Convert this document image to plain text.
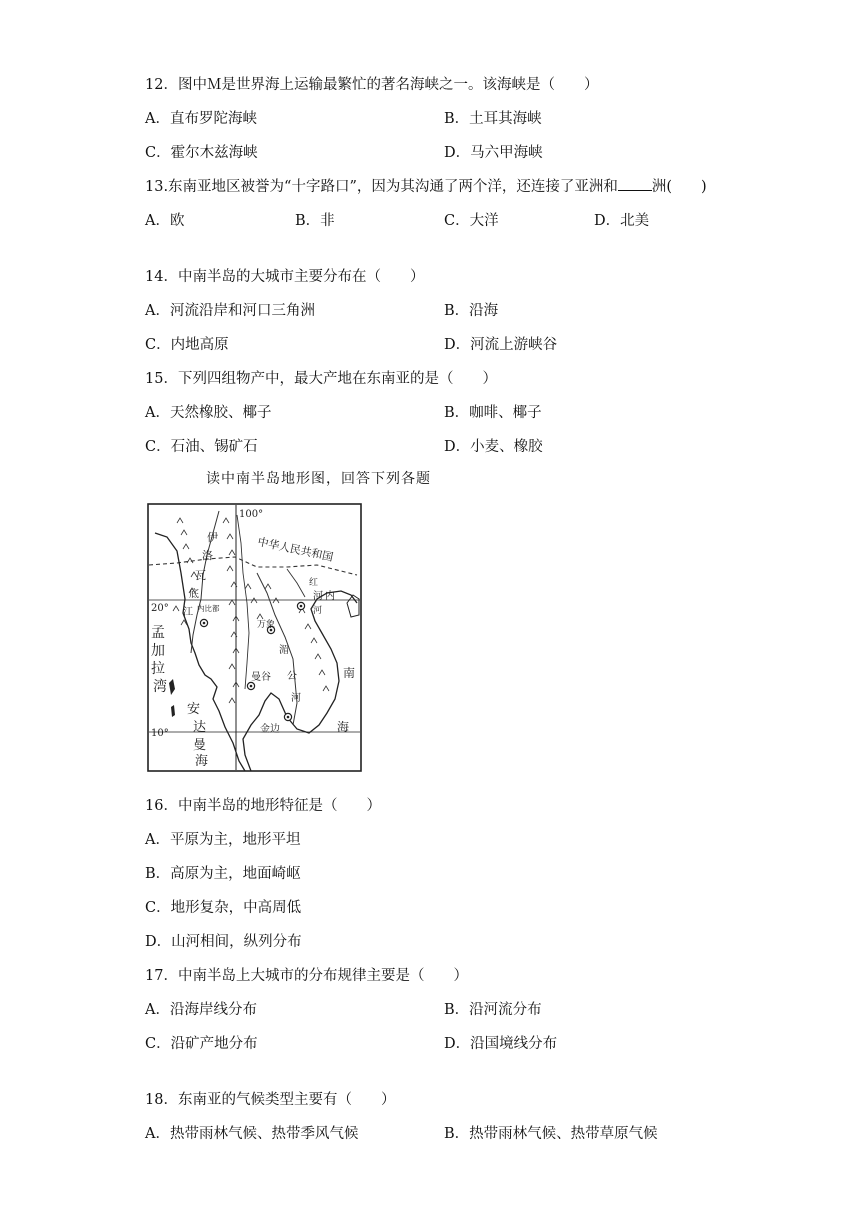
12．图中Ｍ是世界海上运输最繁忙的著名海峡之一。该海峡是（　　）
A．直布罗陀海峡	B．土耳其海峡
C．霍尔木兹海峡	D．马六甲海峡
13.东南亚地区被誉为“十字路口”，因为其沟通了两个洋，还连接了亚洲和 洲(　　)
A．欧	B．非	C．大洋	D．北美
14．中南半岛的大城市主要分布在（　　）
A．河流沿岸和河口三角洲	B．沿海
C．内地高原	D．河流上游峡谷
15．下列四组物产中，最大产地在东南亚的是（　　）
A．天然橡胶、椰子	B．咖啡、椰子
C．石油、锡矿石	D．小麦、橡胶
读中南半岛地形图，回答下列各题
100°
中华人民共和国
20°
10°
伊
洛
瓦
底
江 内比都
孟
加
拉
湾
安
达
曼
海
红
河
河 内
万象
湄
公
河
曼谷
金边
南
海
16．中南半岛的地形特征是（　　）
A．平原为主，地形平坦
B．高原为主，地面崎岖
C．地形复杂，中高周低
D．山河相间，纵列分布
17．中南半岛上大城市的分布规律主要是（　　）
A．沿海岸线分布	B．沿河流分布
C．沿矿产地分布	D．沿国境线分布
18．东南亚的气候类型主要有（　　）
A．热带雨林气候、热带季风气候	B．热带雨林气候、热带草原气候
